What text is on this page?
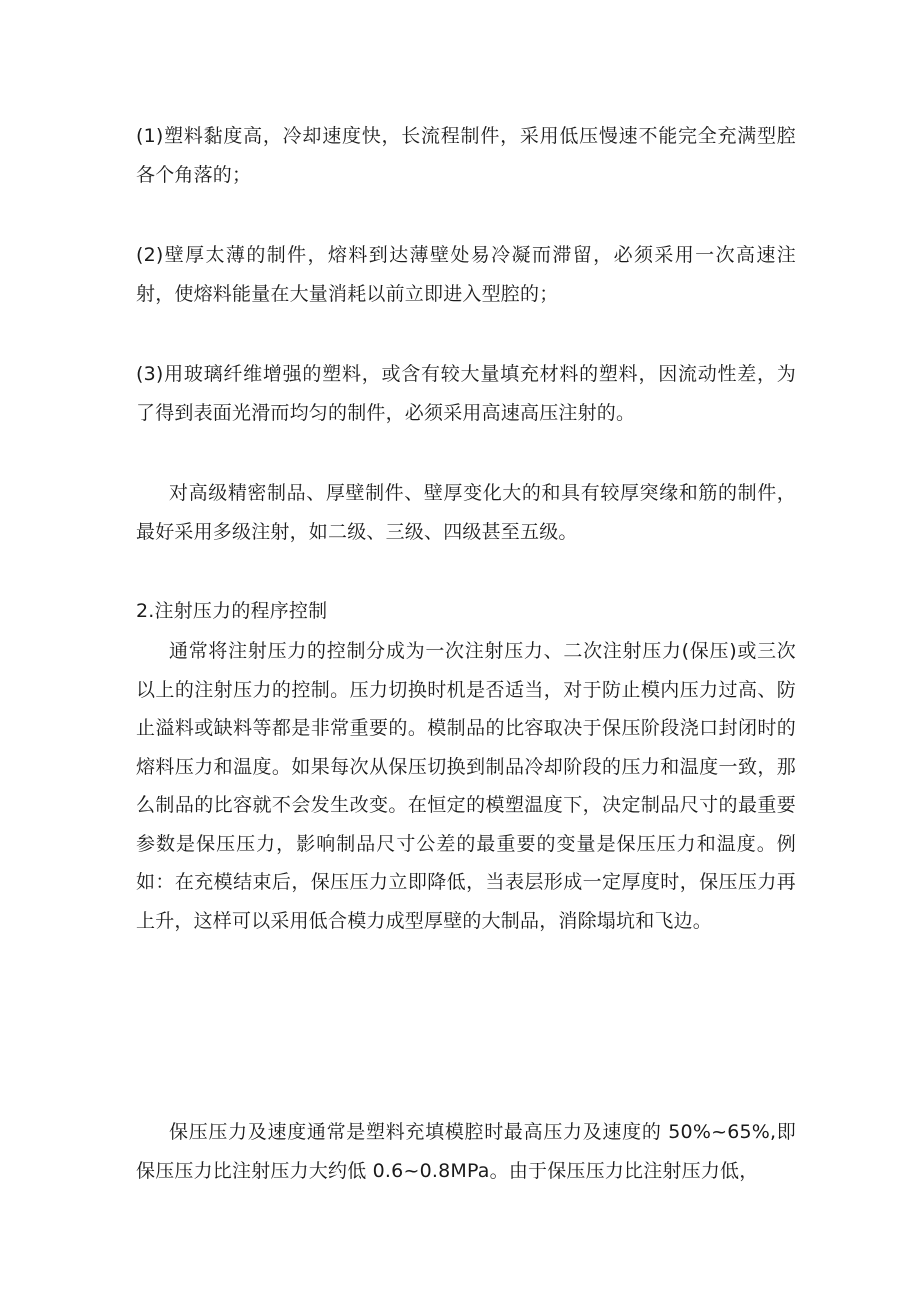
(1)塑料黏度高，冷却速度快，长流程制件，采用低压慢速不能完全充满型腔各个角落的；

(2)壁厚太薄的制件，熔料到达薄壁处易冷凝而滞留，必须采用一次高速注射，使熔料能量在大量消耗以前立即进入型腔的；

(3)用玻璃纤维增强的塑料，或含有较大量填充材料的塑料，因流动性差，为了得到表面光滑而均匀的制件，必须采用高速高压注射的。

对高级精密制品、厚壁制件、壁厚变化大的和具有较厚突缘和筋的制件，最好采用多级注射，如二级、三级、四级甚至五级。

2.注射压力的程序控制

通常将注射压力的控制分成为一次注射压力、二次注射压力(保压)或三次以上的注射压力的控制。压力切换时机是否适当，对于防止模内压力过高、防止溢料或缺料等都是非常重要的。模制品的比容取决于保压阶段浇口封闭时的熔料压力和温度。如果每次从保压切换到制品冷却阶段的压力和温度一致，那么制品的比容就不会发生改变。在恒定的模塑温度下，决定制品尺寸的最重要参数是保压压力，影响制品尺寸公差的最重要的变量是保压压力和温度。例如：在充模结束后，保压压力立即降低，当表层形成一定厚度时，保压压力再上升，这样可以采用低合模力成型厚壁的大制品，消除塌坑和飞边。

保压压力及速度通常是塑料充填模腔时最高压力及速度的 50%~65%,即保压压力比注射压力大约低 0.6~0.8MPa。由于保压压力比注射压力低，
